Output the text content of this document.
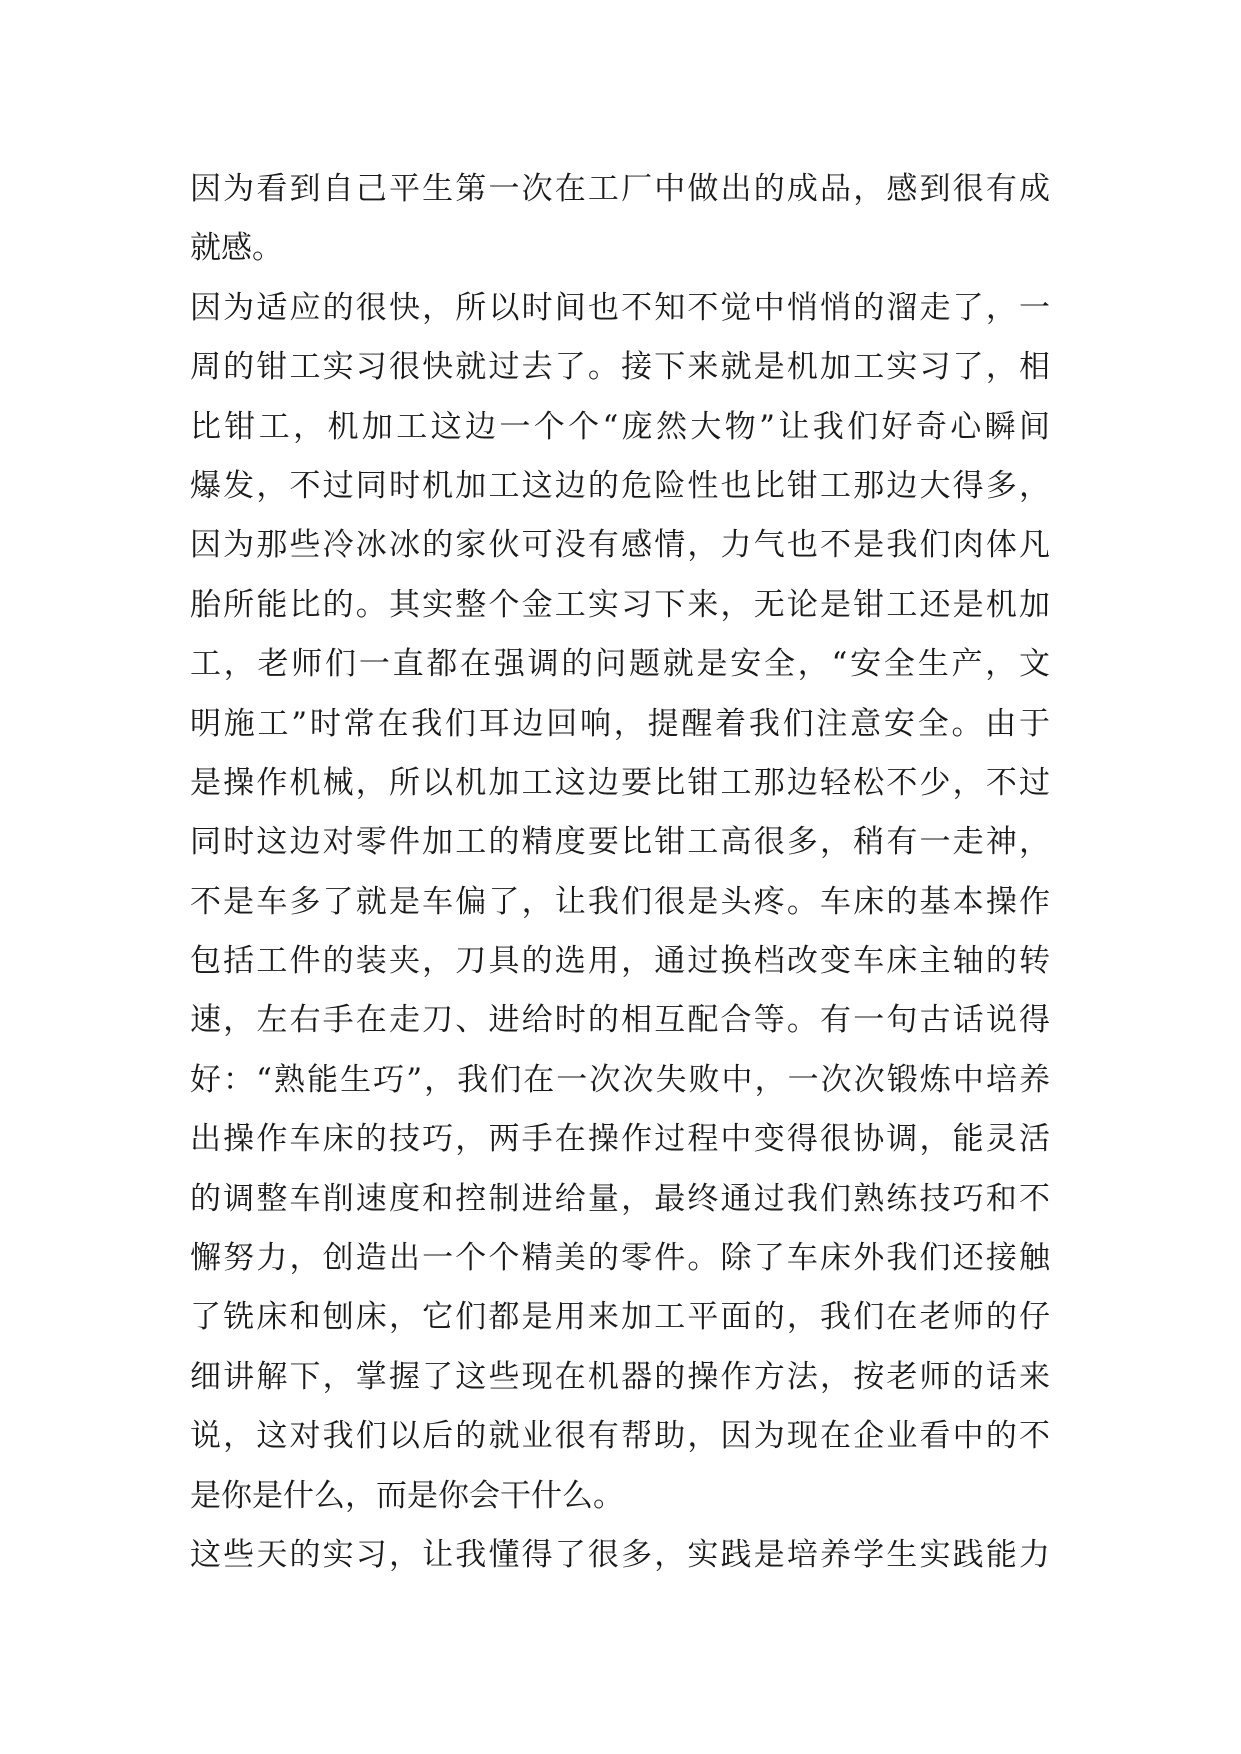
因为看到自己平生第一次在工厂中做出的成品，感到很有成
就感。
因为适应的很快，所以时间也不知不觉中悄悄的溜走了，一
周的钳工实习很快就过去了。接下来就是机加工实习了，相
比钳工，机加工这边一个个“庞然大物”让我们好奇心瞬间
爆发，不过同时机加工这边的危险性也比钳工那边大得多，
因为那些冷冰冰的家伙可没有感情，力气也不是我们肉体凡
胎所能比的。其实整个金工实习下来，无论是钳工还是机加
工，老师们一直都在强调的问题就是安全，“安全生产，文
明施工”时常在我们耳边回响，提醒着我们注意安全。由于
是操作机械，所以机加工这边要比钳工那边轻松不少，不过
同时这边对零件加工的精度要比钳工高很多，稍有一走神，
不是车多了就是车偏了，让我们很是头疼。车床的基本操作
包括工件的装夹，刀具的选用，通过换档改变车床主轴的转
速，左右手在走刀、进给时的相互配合等。有一句古话说得
好：“熟能生巧”，我们在一次次失败中，一次次锻炼中培养
出操作车床的技巧，两手在操作过程中变得很协调，能灵活
的调整车削速度和控制进给量，最终通过我们熟练技巧和不
懈努力，创造出一个个精美的零件。除了车床外我们还接触
了铣床和刨床，它们都是用来加工平面的，我们在老师的仔
细讲解下，掌握了这些现在机器的操作方法，按老师的话来
说，这对我们以后的就业很有帮助，因为现在企业看中的不
是你是什么，而是你会干什么。
这些天的实习，让我懂得了很多，实践是培养学生实践能力
